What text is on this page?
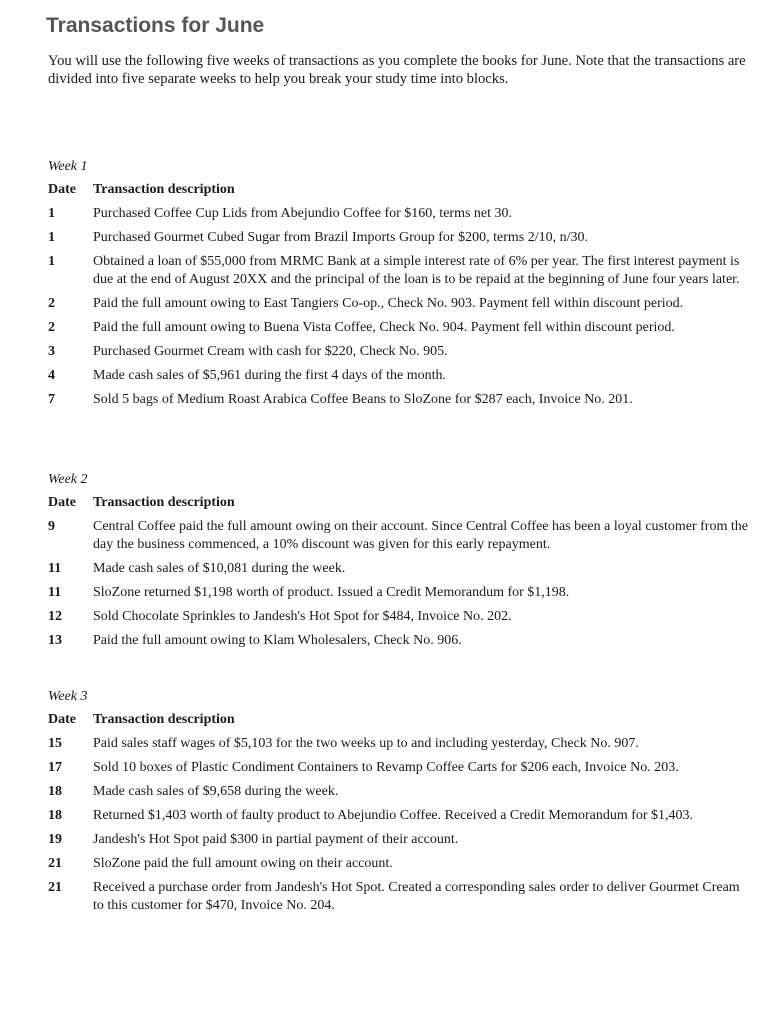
Transactions for June
You will use the following five weeks of transactions as you complete the books for June. Note that the transactions are divided into five separate weeks to help you break your study time into blocks.
Week 1
Date	Transaction description
1	Purchased Coffee Cup Lids from Abejundio Coffee for $160, terms net 30.
1	Purchased Gourmet Cubed Sugar from Brazil Imports Group for $200, terms 2/10, n/30.
1	Obtained a loan of $55,000 from MRMC Bank at a simple interest rate of 6% per year. The first interest payment is due at the end of August 20XX and the principal of the loan is to be repaid at the beginning of June four years later.
2	Paid the full amount owing to East Tangiers Co-op., Check No. 903. Payment fell within discount period.
2	Paid the full amount owing to Buena Vista Coffee, Check No. 904. Payment fell within discount period.
3	Purchased Gourmet Cream with cash for $220, Check No. 905.
4	Made cash sales of $5,961 during the first 4 days of the month.
7	Sold 5 bags of Medium Roast Arabica Coffee Beans to SloZone for $287 each, Invoice No. 201.
Week 2
Date	Transaction description
9	Central Coffee paid the full amount owing on their account. Since Central Coffee has been a loyal customer from the day the business commenced, a 10% discount was given for this early repayment.
11	Made cash sales of $10,081 during the week.
11	SloZone returned $1,198 worth of product. Issued a Credit Memorandum for $1,198.
12	Sold Chocolate Sprinkles to Jandesh's Hot Spot for $484, Invoice No. 202.
13	Paid the full amount owing to Klam Wholesalers, Check No. 906.
Week 3
Date	Transaction description
15	Paid sales staff wages of $5,103 for the two weeks up to and including yesterday, Check No. 907.
17	Sold 10 boxes of Plastic Condiment Containers to Revamp Coffee Carts for $206 each, Invoice No. 203.
18	Made cash sales of $9,658 during the week.
18	Returned $1,403 worth of faulty product to Abejundio Coffee. Received a Credit Memorandum for $1,403.
19	Jandesh's Hot Spot paid $300 in partial payment of their account.
21	SloZone paid the full amount owing on their account.
21	Received a purchase order from Jandesh's Hot Spot. Created a corresponding sales order to deliver Gourmet Cream to this customer for $470, Invoice No. 204.
